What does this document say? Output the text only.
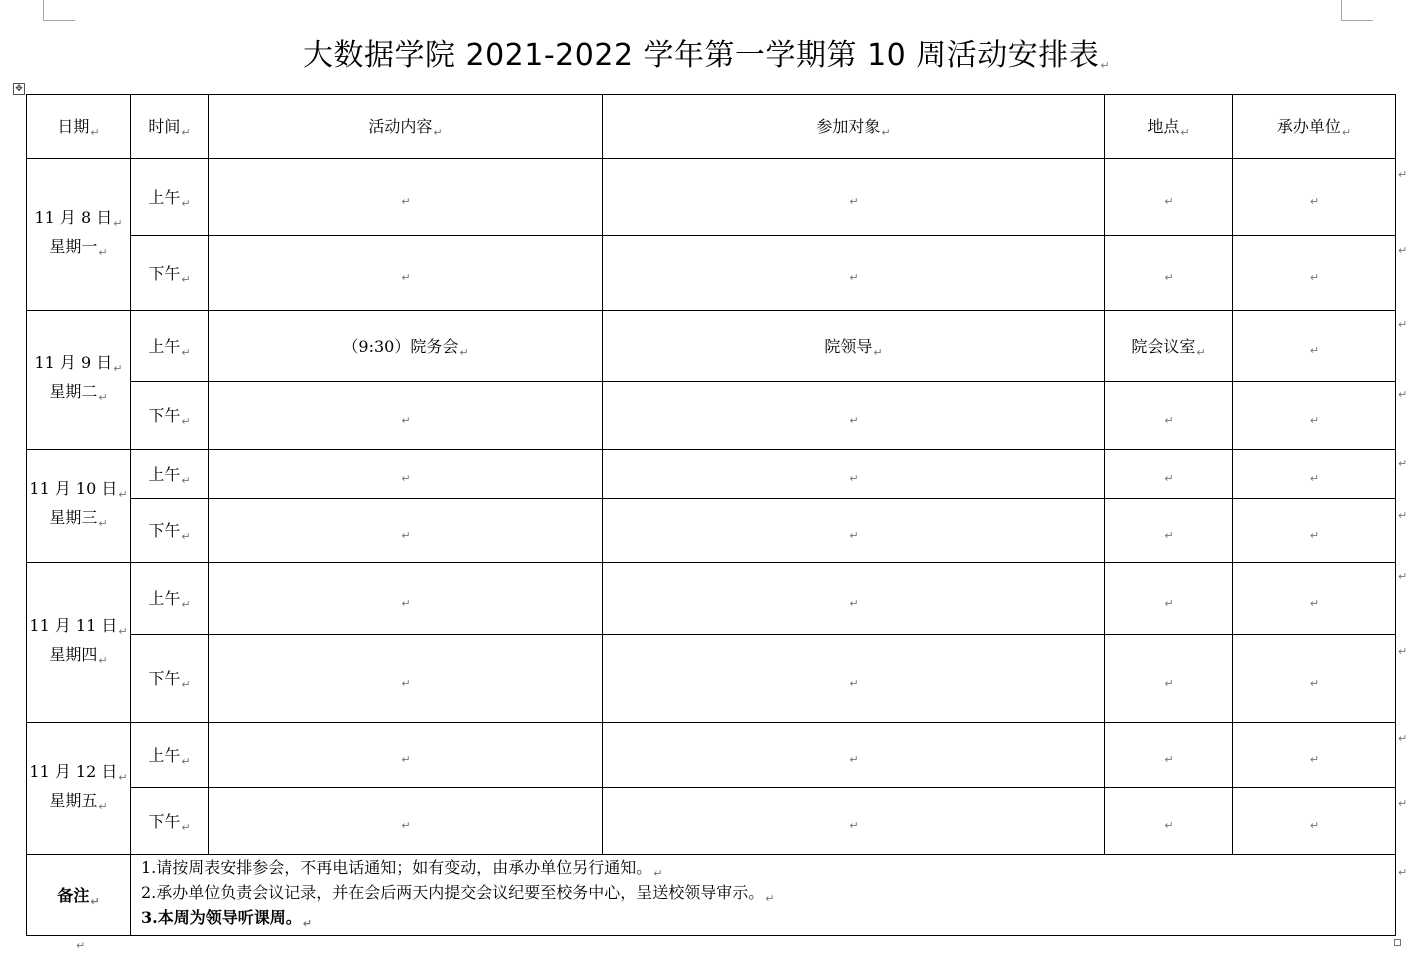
大数据学院 2021-2022 学年第一学期第 10 周活动安排表↵
✥
日期$_↵$	时间$_↵$	活动内容$_↵$	参加对象$_↵$	地点$_↵$	承办单位$_↵$
11 月 8 日$_↵$
星期一$_↵$	上午$_↵$	$_↵$	$_↵$	$_↵$	$_↵$
	下午$_↵$	$_↵$	$_↵$	$_↵$	$_↵$
11 月 9 日$_↵$
星期二$_↵$	上午$_↵$	（9:30）院务会$_↵$	院领导$_↵$	院会议室$_↵$	$_↵$
	下午$_↵$	$_↵$	$_↵$	$_↵$	$_↵$
11 月 10 日$_↵$
星期三$_↵$	上午$_↵$	$_↵$	$_↵$	$_↵$	$_↵$
	下午$_↵$	$_↵$	$_↵$	$_↵$	$_↵$
11 月 11 日$_↵$
星期四$_↵$	上午$_↵$	$_↵$	$_↵$	$_↵$	$_↵$
	下午$_↵$	$_↵$	$_↵$	$_↵$	$_↵$
11 月 12 日$_↵$
星期五$_↵$	上午$_↵$	$_↵$	$_↵$	$_↵$	$_↵$
	下午$_↵$	$_↵$	$_↵$	$_↵$	$_↵$
备注$_↵$	1.请按周表安排参会，不再电话通知；如有变动，由承办单位另行通知。$_↵$
2.承办单位负责会议记录，并在会后两天内提交会议纪要至校务中心，呈送校领导审示。$_↵$
3.本周为领导听课周。$_↵$
↵
↵
↵
↵
↵
↵
↵
↵
↵
↵
↵
↵
